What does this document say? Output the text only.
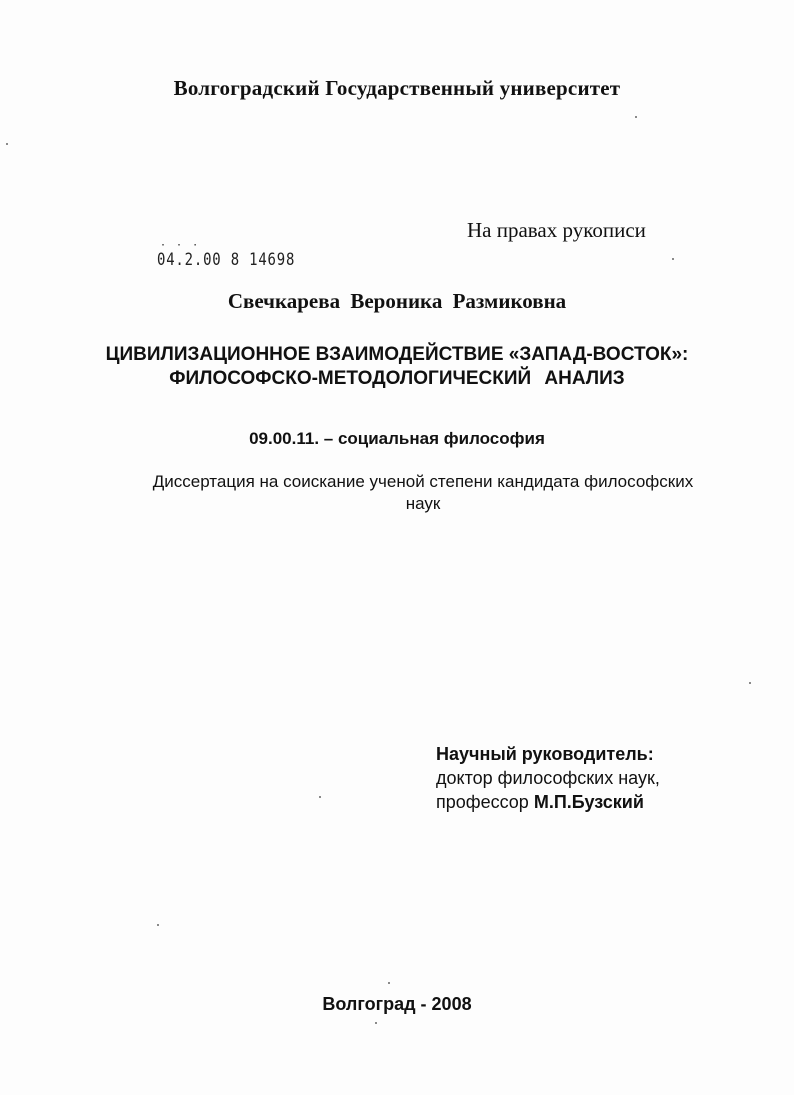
Волгоградский Государственный университет
На правах рукописи
· · ·
04.2.00 8 14698
Свечкарева Вероника Размиковна
ЦИВИЛИЗАЦИОННОЕ ВЗАИМОДЕЙСТВИЕ «ЗАПАД-ВОСТОК»:
ФИЛОСОФСКО-МЕТОДОЛОГИЧЕСКИЙ АНАЛИЗ
09.00.11. – социальная философия
Диссертация на соискание ученой степени кандидата философских
наук
Научный руководитель:
доктор философских наук,
профессор М.П.Бузский
Волгоград - 2008
